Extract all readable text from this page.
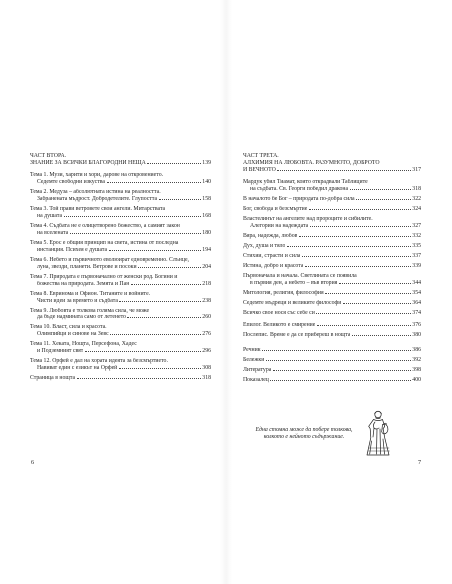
ЧАСТ ВТОРА.
ЗНАНИЕ ЗА ВСИЧКИ БЛАГОРОДНИ НЕЩА	139
Тема 1. Музи, харити и хори, дарове на откровението.
Седемте свободни изкуства	140
Тема 2. Медуза – абсолютната истина на реалността.
Забранената мъдрост. Добродетелите. Глупостта	158
Тема 3. Той прави ветровете свои ангели. Митарствата
на душата	168
Тема 4. Съдбата не е олицетворено божество, а самият закон
на вселената	180
Тема 5. Ерос е общия принцип на света, истина от последна
инстанция. Психея е душата	194
Тема 6. Небето и първичното еволюират едновременно. Слънце,
луна, звезди, планети. Ветрове и посоки	204
Тема 7. Природата е първоначално от женски род. Богини и
божества на природата. Земята и Пан	218
Тема 8. Евринома и Офион. Титаните и войните.
Чисти идеи за времето и съдбата	238
Тема 9. Любовта е толкова голяма сила, че може
да бъде надмината само от летенето	260
Тема 10. Власт, сила и красота.
Олимпийци и синове на Зевс	276
Тема 11. Хеката, Нощта, Персефона, Хадес
и Подземният свят	296
Тема 12. Орфей е дал на хората идеята за безсмъртието.
Навиват един с езикът на Орфей	308
Страница в нощта	318
6
ЧАСТ ТРЕТА.
АЛХИМИЯ НА ЛЮБОВТА. РАЗУМНОТО, ДОБРОТО
И ВЕЧНОТО	317
Мардук убил Тиамат, които открадвали Таблиците
на съдбата. Св. Георги победил дракона	318
В началото бе Бог – природата по-добра сила	322
Бог, свобода и безсмъртие	324
Властелинът на ангелите над пророците и сибилите.
Алегории на надеждата	327
Вяра, надежда, любов	332
Дух, душа и тяло	335
Стихии, страсти и сила	337
Истина, добро и красота	339
Първоначала и начала. Светлината се появила
в първия ден, а небето – във втория	344
Митология, религия, философия	354
Седемте мъдреци и великите философи	364
Всичко свое нося със себе си	374
Епилог. Великото е смирение	376
Послепис. Време е да се прибереш в нощта	380
Речник	386
Бележки	392
Литература	398
Показалец	400
Една стомна може да побере толкова,
колкото е нейното съдържание.
7
